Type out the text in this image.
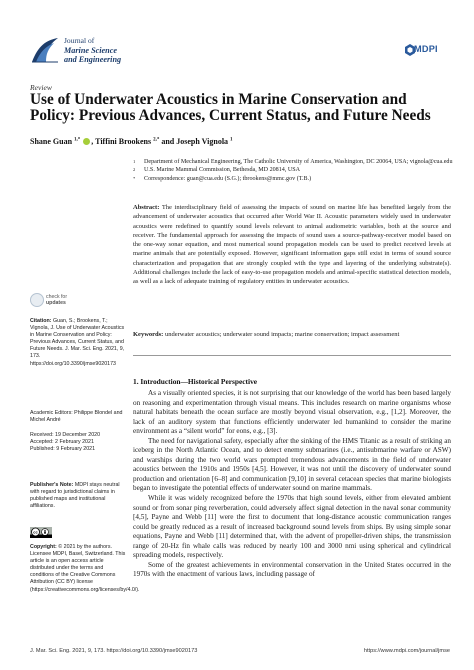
Journal of
Marine Science
and Engineering
MDPI
Review
Use of Underwater Acoustics in Marine Conservation and Policy: Previous Advances, Current Status, and Future Needs
Shane Guan $^{1,*}$ , Tiffini Brookens $^{2,*}$ and Joseph Vignola $^1$
1	Department of Mechanical Engineering, The Catholic University of America, Washington, DC 20064, USA; vignola@cua.edu
2	U.S. Marine Mammal Commission, Bethesda, MD 20814, USA
*	Correspondence: guan@cua.edu (S.G.); tbrookens@mmc.gov (T.B.)
Abstract: The interdisciplinary field of assessing the impacts of sound on marine life has benefited largely from the advancement of underwater acoustics that occurred after World War II. Acoustic parameters widely used in underwater acoustics were redefined to quantify sound levels relevant to animal audiometric variables, both at the source and receiver. The fundamental approach for assessing the impacts of sound uses a source-pathway-receiver model based on the one-way sonar equation, and most numerical sound propagation models can be used to predict received levels at marine animals that are potentially exposed. However, significant information gaps still exist in terms of sound source characterization and propagation that are strongly coupled with the type and layering of the underlying substrate(s). Additional challenges include the lack of easy-to-use propagation models and animal-specific statistical detection models, as well as a lack of adequate training of regulatory entities in underwater acoustics.
Keywords: underwater acoustics; underwater sound impacts; marine conservation; impact assessment
check for
updates
Citation: Guan, S.; Brookens, T.; Vignola, J. Use of Underwater Acoustics in Marine Conservation and Policy: Previous Advances, Current Status, and Future Needs. J. Mar. Sci. Eng. 2021, 9, 173. https://doi.org/10.3390/jmse9020173
Academic Editors: Philippe Blondel and Michel André
Received: 19 December 2020
Accepted: 2 February 2021
Published: 9 February 2021
Publisher's Note: MDPI stays neutral with regard to jurisdictional claims in published maps and institutional affiliations.
cc
Copyright: © 2021 by the authors. Licensee MDPI, Basel, Switzerland. This article is an open access article distributed under the terms and conditions of the Creative Commons Attribution (CC BY) license (https://creativecommons.org/licenses/by/4.0/).
1. Introduction—Historical Perspective

As a visually oriented species, it is not surprising that our knowledge of the world has been based largely on reasoning and experimentation through visual means. This includes research on marine organisms whose natural habitats beneath the ocean surface are mostly beyond visual observation, e.g., [1,2]. Moreover, the lack of an auditory system that functions efficiently underwater led humankind to consider the marine environment as a “silent world” for eons, e.g., [3].

The need for navigational safety, especially after the sinking of the HMS Titanic as a result of striking an iceberg in the North Atlantic Ocean, and to detect enemy submarines (i.e., antisubmarine warfare or ASW) and warships during the two world wars prompted tremendous advancements in the field of underwater acoustics between the 1910s and 1950s [4,5]. However, it was not until the discovery of underwater sound production and orientation [6–8] and communication [9,10] in several cetacean species that marine biologists began to investigate the potential effects of underwater sound on marine mammals.

While it was widely recognized before the 1970s that high sound levels, either from elevated ambient sound or from sonar ping reverberation, could adversely affect signal detection in the naval sonar community [4,5], Payne and Webb [11] were the first to document that long-distance acoustic communication ranges could be greatly reduced as a result of increased background sound levels from ships. By using simple sonar equations, Payne and Webb [11] determined that, with the advent of propeller-driven ships, the transmission range of 20-Hz fin whale calls was reduced by nearly 100 and 3000 nmi using spherical and cylindrical spreading models, respectively.

Some of the greatest achievements in environmental conservation in the United States occurred in the 1970s with the enactment of various laws, including passage of

J. Mar. Sci. Eng. 2021, 9, 173. https://doi.org/10.3390/jmse9020173	https://www.mdpi.com/journal/jmse
